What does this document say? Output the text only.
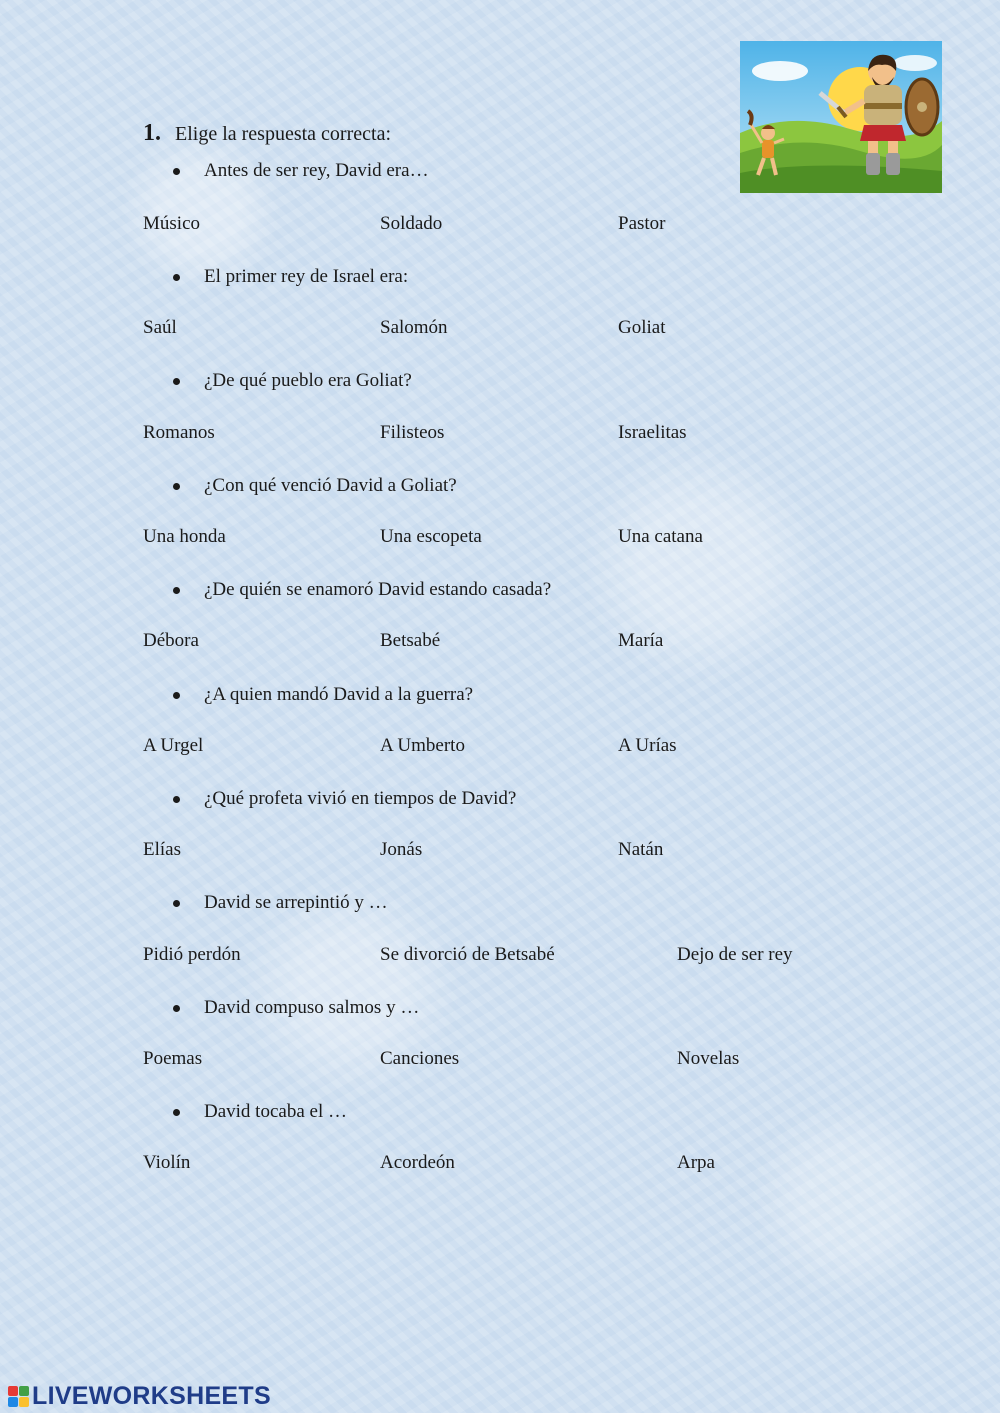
1. Elige la respuesta correcta:
Antes de ser rey, David era…
Músico	Soldado	Pastor
El primer rey de Israel era:
Saúl	Salomón	Goliat
¿De qué pueblo era Goliat?
Romanos	Filisteos	Israelitas
¿Con qué venció David a Goliat?
Una honda	Una escopeta	Una catana
¿De quién se enamoró David estando casada?
Débora	Betsabé	María
¿A quien mandó David a la guerra?
A Urgel	A Umberto	A Urías
¿Qué profeta vivió en tiempos de David?
Elías	Jonás	Natán
David se arrepintió y …
Pidió perdón	Se divorció de Betsabé	Dejo de ser rey
David compuso salmos y …
Poemas	Canciones	Novelas
David tocaba el …
Violín	Acordeón	Arpa
LIVEWORKSHEETS
